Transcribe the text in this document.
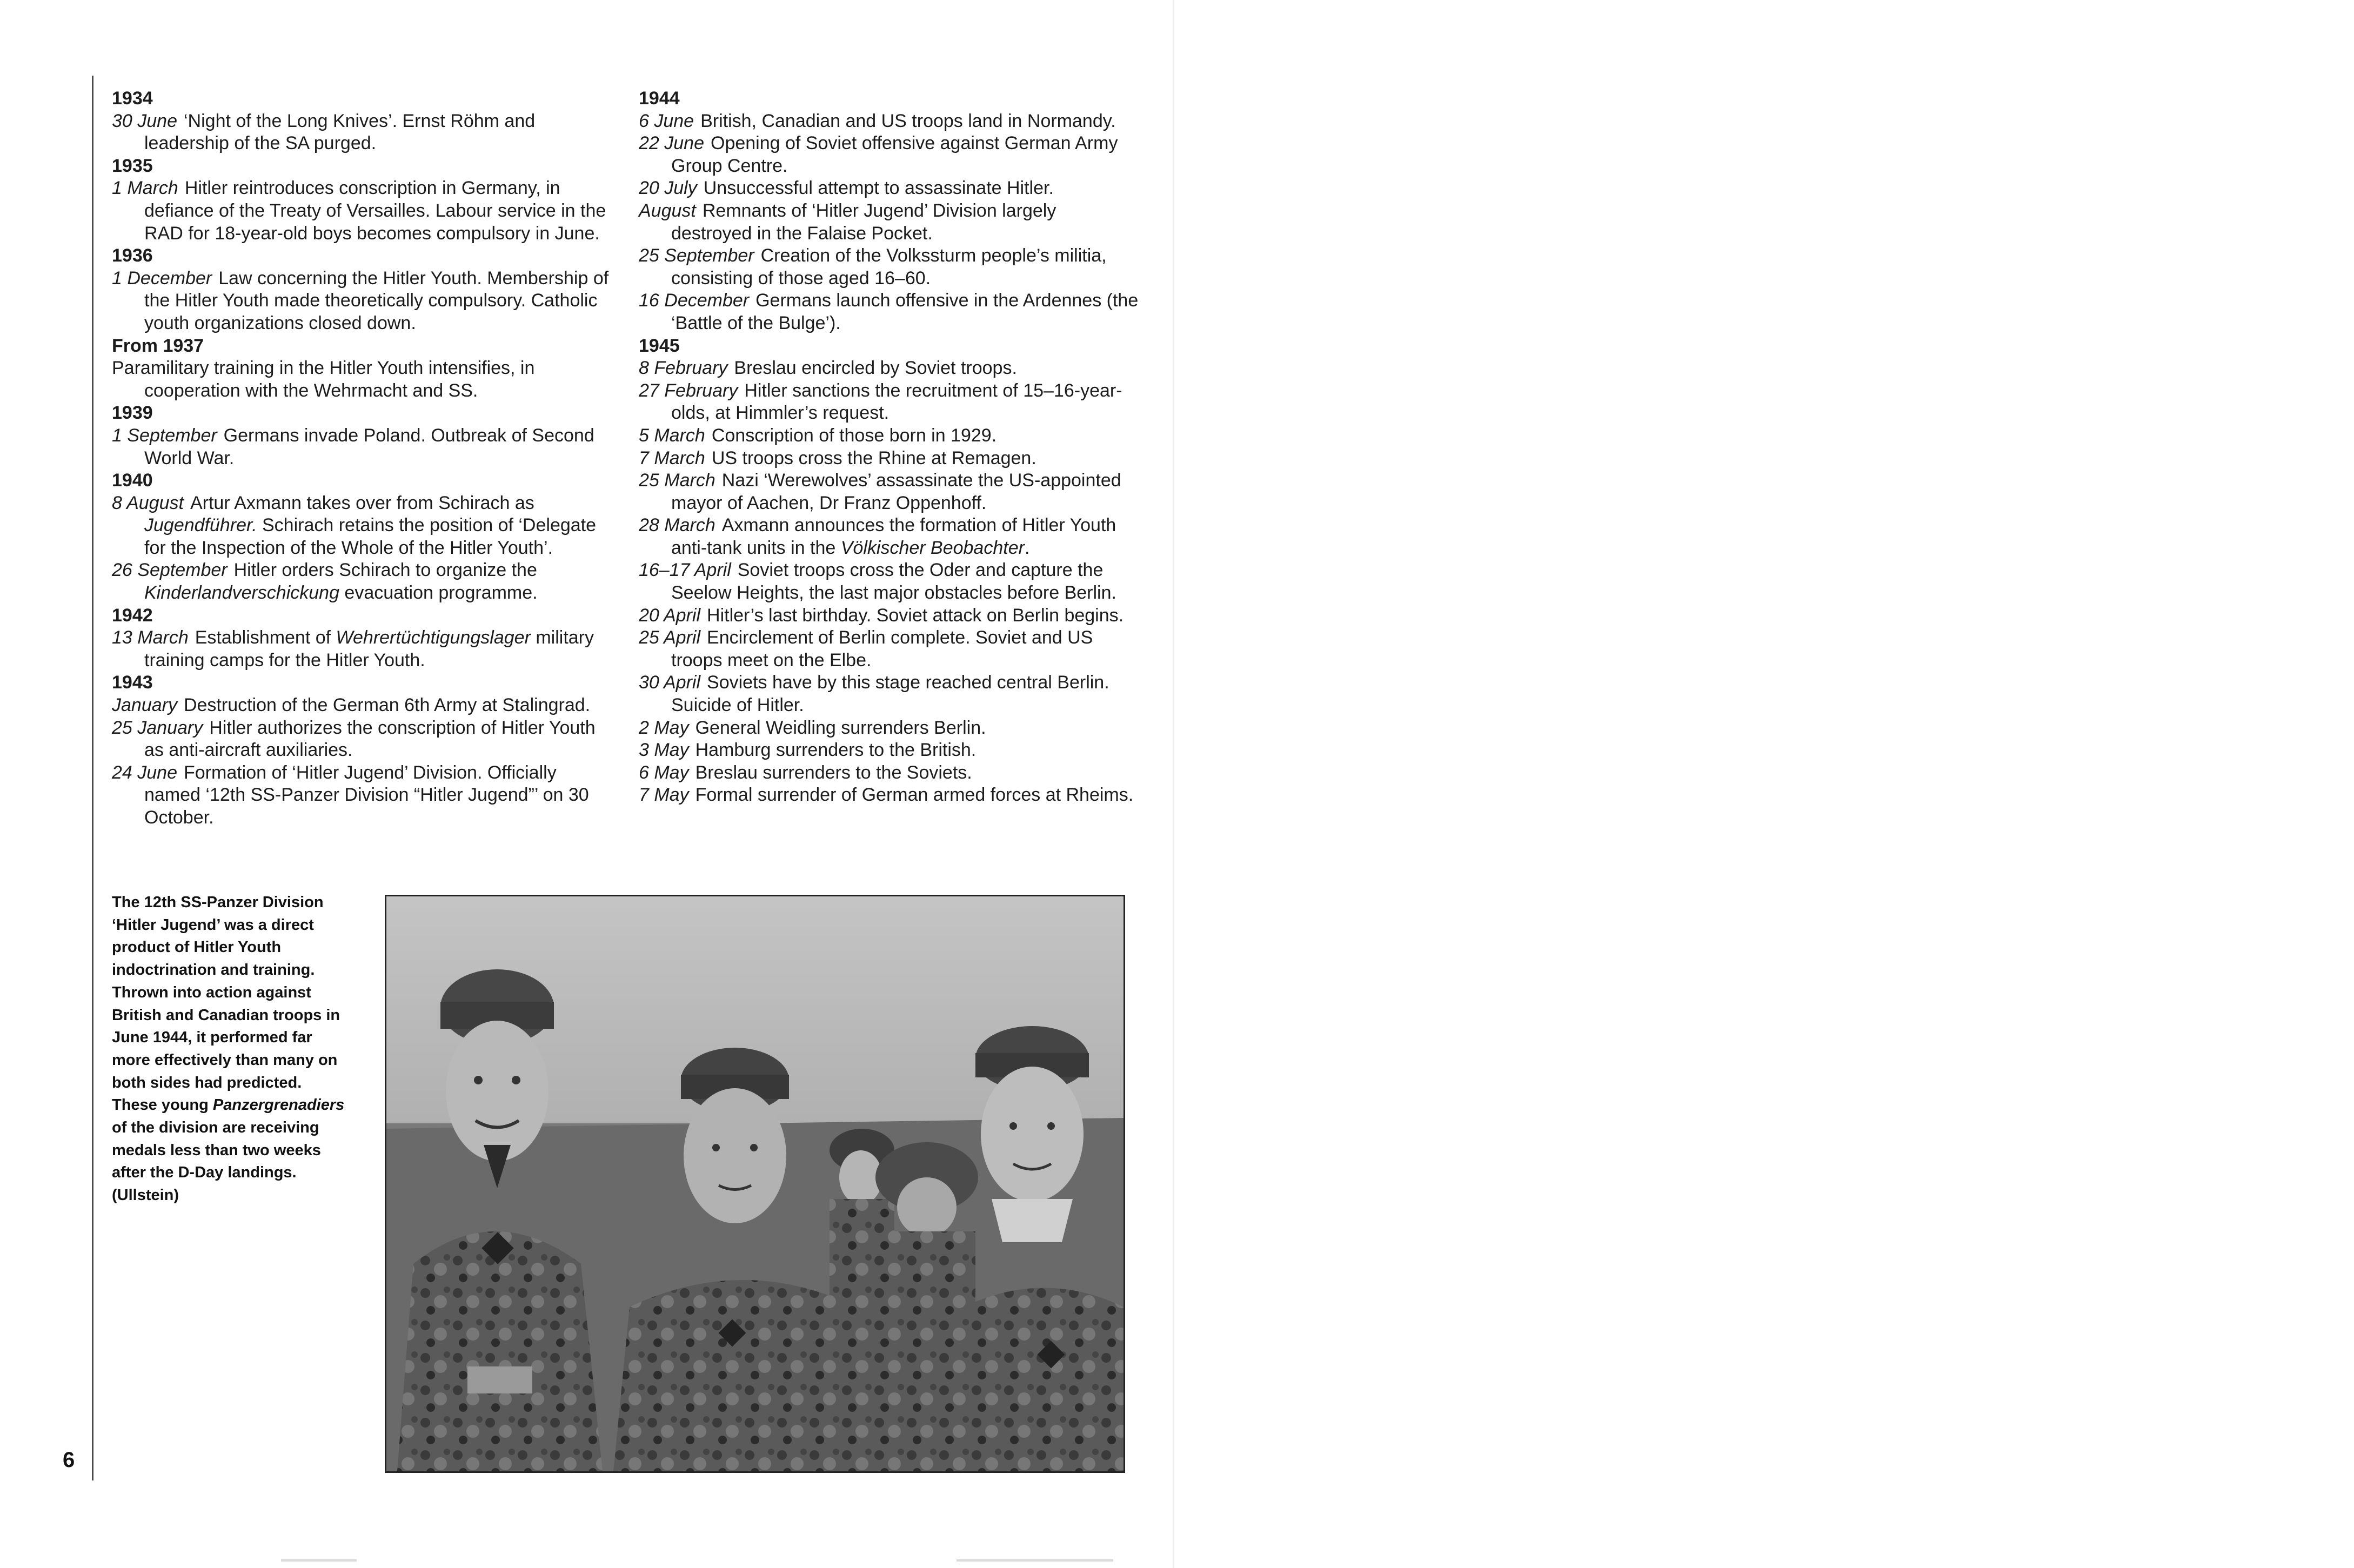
6
1934
30 June ‘Night of the Long Knives’. Ernst Röhm and leadership of the SA purged.
1935
1 March Hitler reintroduces conscription in Germany, in defiance of the Treaty of Versailles. Labour service in the RAD for 18-year-old boys becomes compulsory in June.
1936
1 December Law concerning the Hitler Youth. Membership of the Hitler Youth made theoretically compulsory. Catholic youth organizations closed down.
From 1937
Paramilitary training in the Hitler Youth intensifies, in cooperation with the Wehrmacht and SS.
1939
1 September Germans invade Poland. Outbreak of Second World War.
1940
8 August Artur Axmann takes over from Schirach as Jugendführer. Schirach retains the position of ‘Delegate for the Inspection of the Whole of the Hitler Youth’.
26 September Hitler orders Schirach to organize the Kinderlandverschickung evacuation programme.
1942
13 March Establishment of Wehrertüchtigungslager military training camps for the Hitler Youth.
1943
January Destruction of the German 6th Army at Stalingrad.
25 January Hitler authorizes the conscription of Hitler Youth as anti-aircraft auxiliaries.
24 June Formation of ‘Hitler Jugend’ Division. Officially named ‘12th SS-Panzer Division “Hitler Jugend”’ on 30 October.
1944
6 June British, Canadian and US troops land in Normandy.
22 June Opening of Soviet offensive against German Army Group Centre.
20 July Unsuccessful attempt to assassinate Hitler.
August Remnants of ‘Hitler Jugend’ Division largely destroyed in the Falaise Pocket.
25 September Creation of the Volkssturm people’s militia, consisting of those aged 16–60.
16 December Germans launch offensive in the Ardennes (the ‘Battle of the Bulge’).
1945
8 February Breslau encircled by Soviet troops.
27 February Hitler sanctions the recruitment of 15–16-year-olds, at Himmler’s request.
5 March Conscription of those born in 1929.
7 March US troops cross the Rhine at Remagen.
25 March Nazi ‘Werewolves’ assassinate the US-appointed mayor of Aachen, Dr Franz Oppenhoff.
28 March Axmann announces the formation of Hitler Youth anti-tank units in the Völkischer Beobachter.
16–17 April Soviet troops cross the Oder and capture the Seelow Heights, the last major obstacles before Berlin.
20 April Hitler’s last birthday. Soviet attack on Berlin begins.
25 April Encirclement of Berlin complete. Soviet and US troops meet on the Elbe.
30 April Soviets have by this stage reached central Berlin. Suicide of Hitler.
2 May General Weidling surrenders Berlin.
3 May Hamburg surrenders to the British.
6 May Breslau surrenders to the Soviets.
7 May Formal surrender of German armed forces at Rheims.
The 12th SS-Panzer Division ‘Hitler Jugend’ was a direct product of Hitler Youth indoctrination and training. Thrown into action against British and Canadian troops in June 1944, it performed far more effectively than many on both sides had predicted. These young Panzergrenadiers of the division are receiving medals less than two weeks after the D-Day landings. (Ullstein)
